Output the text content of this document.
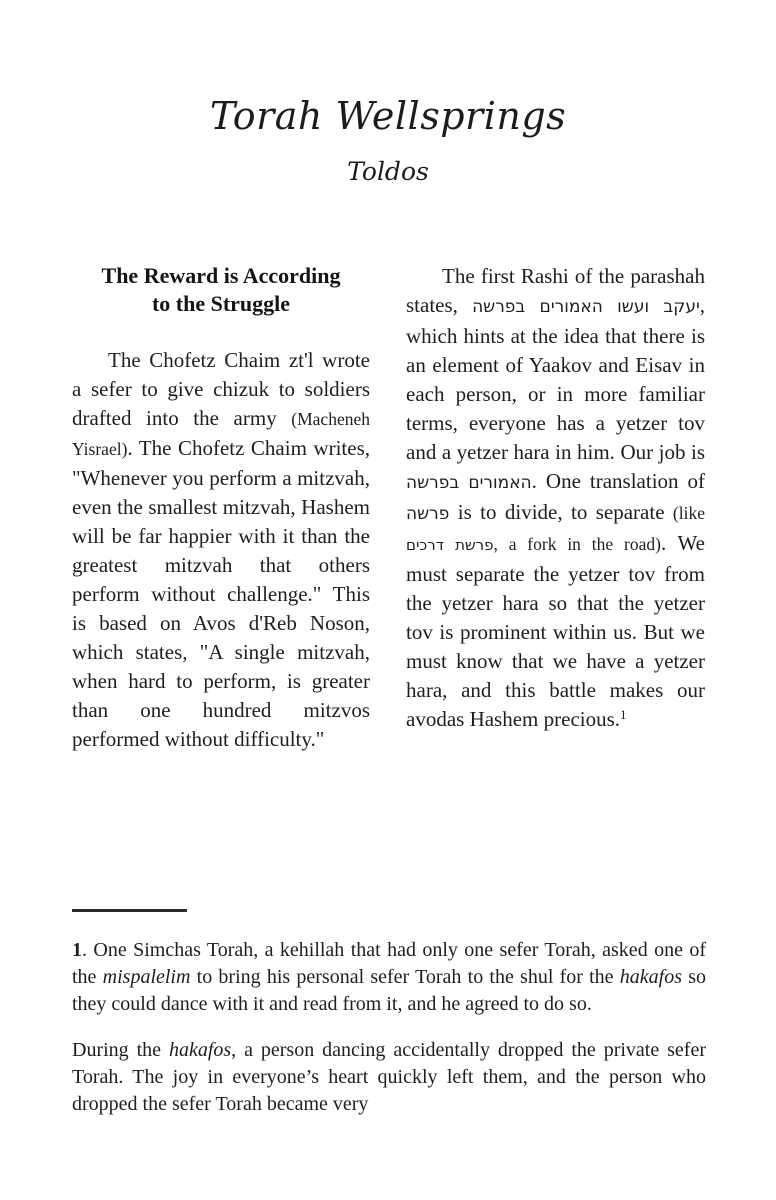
Torah Wellsprings
Toldos
The Reward is According
to the Struggle

The Chofetz Chaim zt'l wrote a sefer to give chizuk to soldiers drafted into the army (Macheneh Yisrael). The Chofetz Chaim writes, "Whenever you perform a mitzvah, even the smallest mitzvah, Hashem will be far happier with it than the greatest mitzvah that others perform without challenge." This is based on Avos d'Reb Noson, which states, "A single mitzvah, when hard to perform, is greater than one hundred mitzvos performed without difficulty."

The first Rashi of the parashah states, יעקב ועשו האמורים בפרשה, which hints at the idea that there is an element of Yaakov and Eisav in each person, or in more familiar terms, everyone has a yetzer tov and a yetzer hara in him. Our job is האמורים בפרשה. One translation of פרשה is to divide, to separate (like פרשת דרכים, a fork in the road). We must separate the yetzer tov from the yetzer hara so that the yetzer tov is prominent within us. But we must know that we have a yetzer hara, and this battle makes our avodas Hashem precious.$^1$

1. One Simchas Torah, a kehillah that had only one sefer Torah, asked one of the mispalelim to bring his personal sefer Torah to the shul for the hakafos so they could dance with it and read from it, and he agreed to do so.

During the hakafos, a person dancing accidentally dropped the private sefer Torah. The joy in everyone’s heart quickly left them, and the person who dropped the sefer Torah became very
